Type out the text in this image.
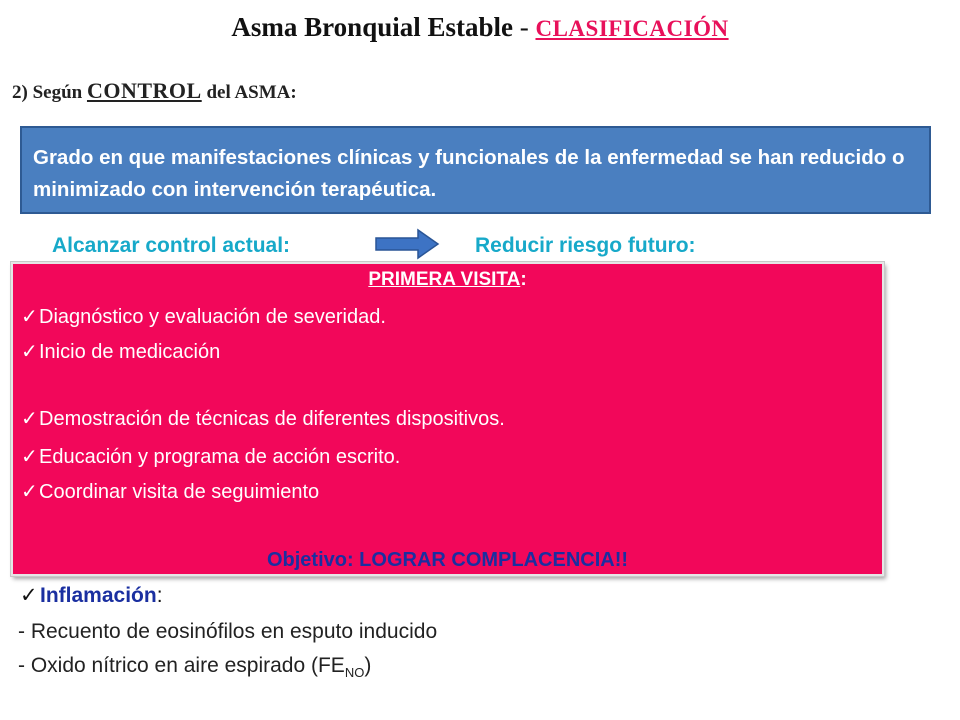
Asma Bronquial Estable - CLASIFICACIÓN
2) Según CONTROL del ASMA:
Grado en que manifestaciones clínicas y funcionales de la enfermedad se han reducido o minimizado con intervención terapéutica.
Alcanzar control actual:	Reducir riesgo futuro:
PRIMERA VISITA:
✓Diagnóstico y evaluación de severidad.
✓Inicio de medicación
✓Demostración de técnicas de diferentes dispositivos.
✓Educación y programa de acción escrito.
✓Coordinar visita de seguimiento
Objetivo: LOGRAR COMPLACENCIA!!
✓ Inflamación:
- Recuento de eosinófilos en esputo inducido
- Oxido nítrico en aire espirado $(FE_{NO})$
